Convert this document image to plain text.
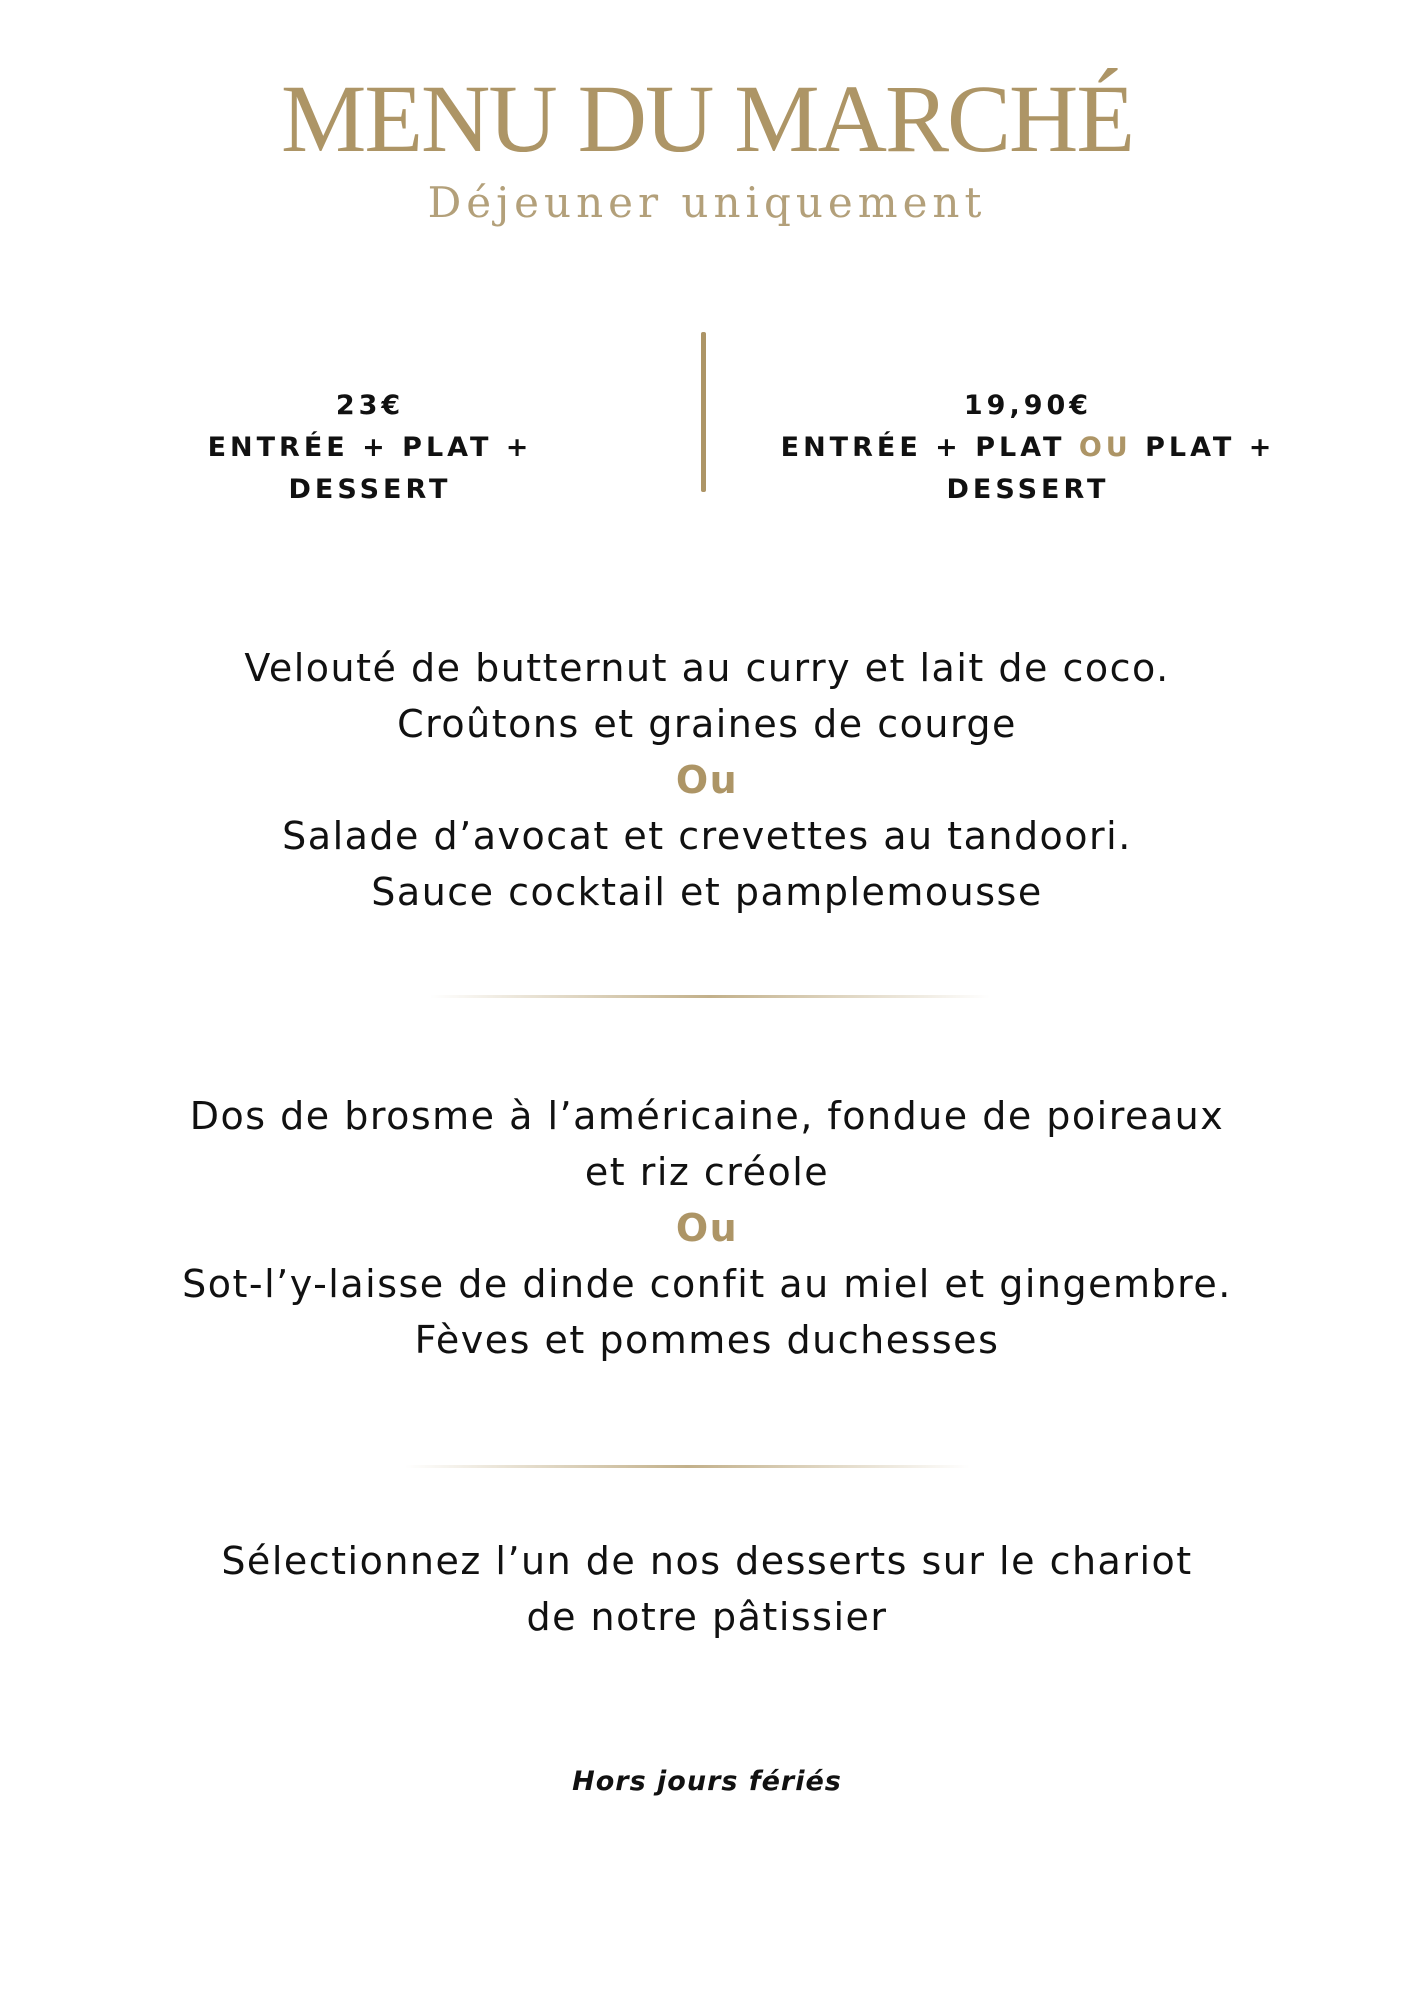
MENU DU MARCHÉ
Déjeuner uniquement
23€
ENTRÉE + PLAT + DESSERT
19,90€
ENTRÉE + PLAT OU PLAT + DESSERT
Velouté de butternut au curry et lait de coco.
Croûtons et graines de courge
Ou
Salade d’avocat et crevettes au tandoori.
Sauce cocktail et pamplemousse
Dos de brosme à l’américaine, fondue de poireaux
et riz créole
Ou
Sot-l’y-laisse de dinde confit au miel et gingembre.
Fèves et pommes duchesses
Sélectionnez l’un de nos desserts sur le chariot
de notre pâtissier
Hors jours fériés
